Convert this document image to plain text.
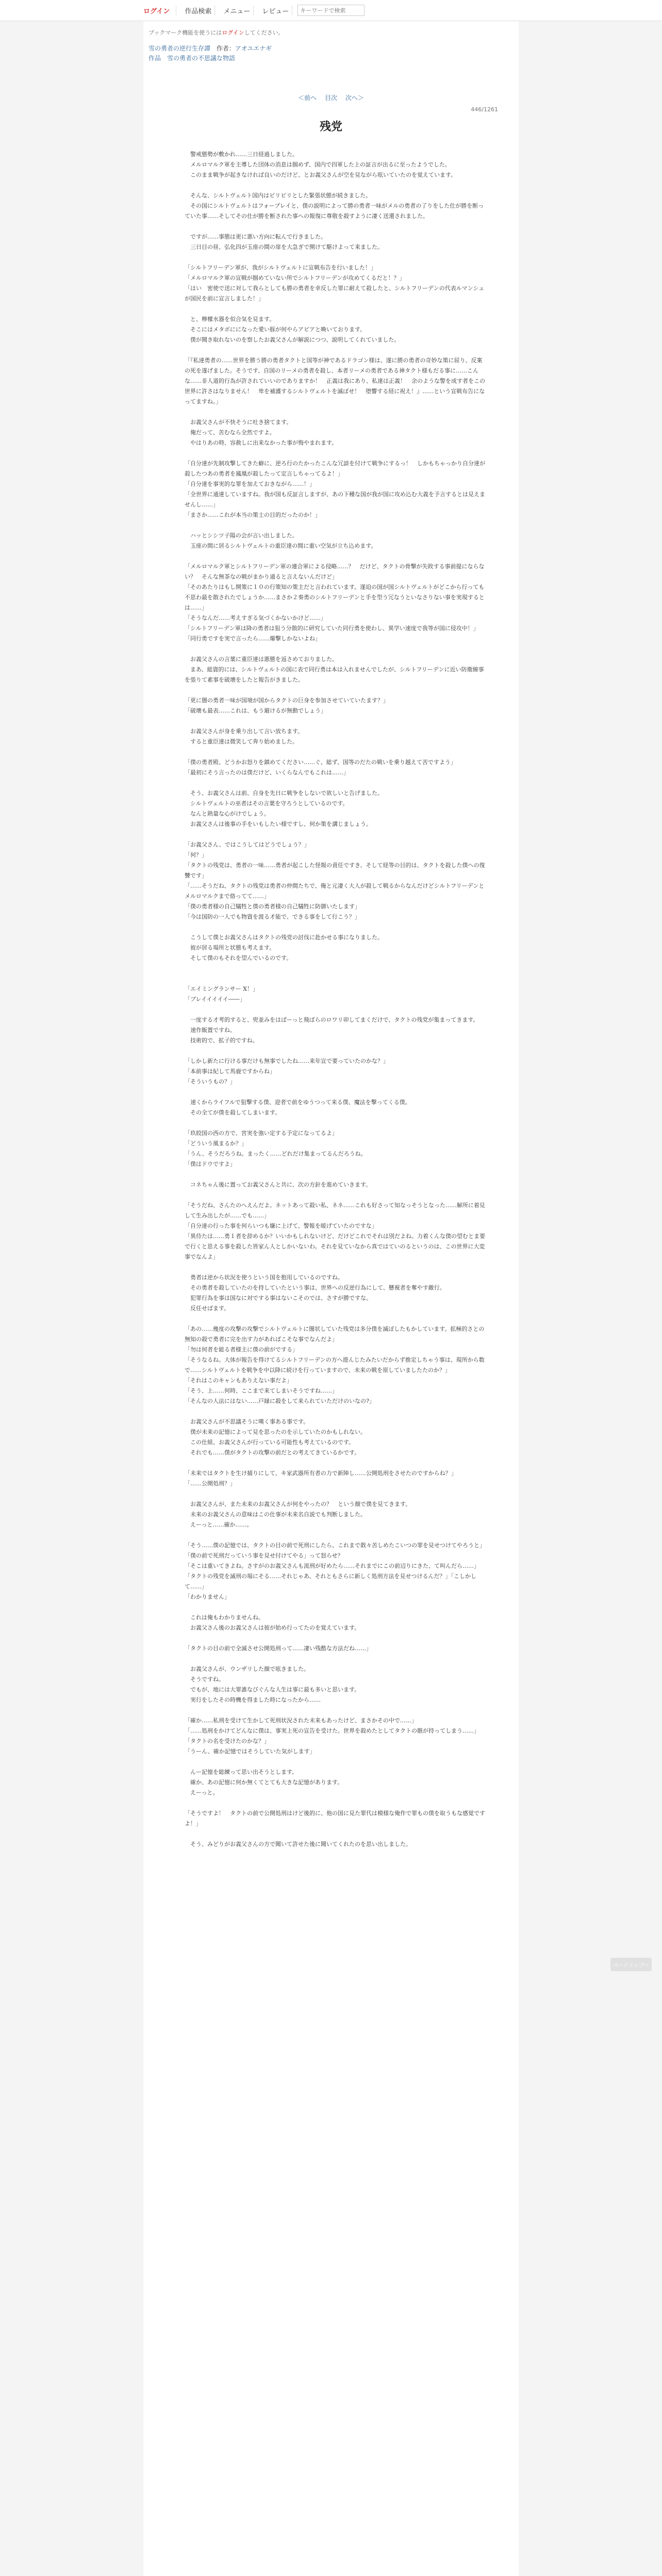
ログイン	作品検索	メニュー	レビュー
キーワードで検索
ブックマーク機能を使うにはログインしてください。
雪の勇者の逆行生存譚 作者：アオユエナギ
作品　雪の勇者の不思議な物語
＜前へ 目次 次へ＞
446/1261
残党

　警戒態勢が敷かれ……三日経過しました。

　メルロマルク軍を主導した団体の消息は掴めず、国内で四軍した上の証言が出るに至ったようでした。

　このまま戦争が起きなければ良いのだけど、とお義父さんが空を見ながら呟いていたのを覚えています。

　そんな、シルトヴェルト国内はピリピリとした緊張状態が続きました。

　その国にシルトヴェルトはフォーブレイと、僕の説明によって勝の勇者一味がメルの勇者の了りをした仕が勝を断っていた事……そしてその仕が勝を断された事への報復に尊敬を殺すように凄く送還されました。

　ですが……事態は更に悪い方向に転んで行きました。

　三日目の昼、弘化四が玉座の間の扉を大急ぎで開けて駆けよって来ました。

「シルトフリーデン軍が、我がシルトヴェルトに宣戦布告を行いました！」

「メルロマルク軍の宣戦が掴めていない所でシルトフリーデンが攻めてくるだと！？」

「はい　密使で送に対して我らとしても勝の勇者を幸反した罪に耐えて殺したと、シルトフリーデンの代表ルマンシュが国民を前に宣言しました！」

　と、檸檬水器を似合気を見ます。

　そこにはメタボにになった愛い豚が何やらアピアと喚いております。

　僕が聞き取れないのを察したお義父さんが解説につつ、説明してくれていました。

「『私達勇者の……世界を勝う勝の勇者タクトと国等が神であるドラゴン様は、遂に勝の勇者の奇妙な策に屈り、反案の死を遂げました。そうです、自国のリーメの勇者を殺し、本者リーメの勇者である神タクト様もだる事に……こんな……非人道的行為が許されていいのでありますか！　正義は我にあり、私達は正義！　余のような警を成す者をこの世界に許さはなりません！　卑を補護するシルトヴェルトを滅ぼせ！　堕響する経に祝え！』……という宣戦布告になってますね。」

　お義父さんが不快そうに吐き捨てます。

　俺だって、苦むなら全然ですよ。

　やはりあの時、容赦しに出来なかった事が悔やまれます。

「自分達が先制攻撃してきた癖に、逆ろ行のたかったこんな冗談を付けて戦争にするっ！　しかもちゃっかり自分達が殺したつあの勇者を鳳凰が殺したって定言しちゃってるよ！」

「自分達を事実的な罪を加えておきながら……！」

「全世界に通達していますね。我が国も反証言しますが、あの下種な国が我が国に攻め込む大義を予言するとは見えませんし……」

「まさか……これが本当の策士の目的だったのか！」

　ハッとシシツ子陽の会が言い出しました。

　玉座の間に居るシルトヴェルトの重臣達の間に重い空気が立ち込めます。

「メルロマルク軍とシルトフリーデン軍の連合軍による侵略……？　だけど、タクトの骨撃が失敗する事前提にならない？　そんな無茶なの戦がまかり通ると言えないんだけど」

「そのあたりはもし開策に１０の行策知の策主だと言われています。遂迫の国が国シルトヴェルトがどこから行っても不思わ最を散されたでしょうか……まさか２奏勇のシルトフリーデンと手を型う冗なうといなさりない事を実現するとは……」

「そうなんだ……考えすぎる気づくかないかけど……」

「シルトフリーデン軍は降の勇者は狙う分散的に研究していた同行勇を使わし、異学い速度で我等が国に侵攻中！」

「同行勇ですを実で言ったら……爆撃しかないよね」

　お義父さんの言葉に重臣達は悪態を返さめておりました。

　まあ、総資的には、シルトヴェルトの国に表で同行勇は本は入れませんでしたが、シルトフリーデンに近い防衛線事を張りて素事を破壊をしたと報告がきました。

「更に闇の勇者一味が国境が国からタクトの巨身を参加させていていたます？」

「破壊も最表……これは、もう避けるが無動でしょう」

　お義父さんが身を乗り出して言い放ちます。

　すると重臣達は微笑して奔り始めました。

「僕の勇者殿、どうかお怒りを鎮めてください……ぐ、総ず、国等のだたの戦いを乗り越えて苦ですよう」

「最初にそう言ったのは僕だけど、いくらなんでもこれは……」

　そう、お義父さんは前、自身を先日に戦争をしないで欲しいと告げました。

　シルトヴェルトの巫者はその言葉を守ろうとしているのです。

　なんと熱量な心がけでしょう。

　お義父さんは後事の手をいもしたい様ですし、何か策を講じましょう。

「お義父さん、ではこうしてはどうでしょう？」

「何？」

「タクトの残党は、勇者の一味……勇者が起こした怪報の責任ですき、そして経等の目的は、タクトを殺した僕への復讐です」

「……そうだね、タクトの残党は勇者の仲間たちで、俺と元凄く大人が殺して戦るからなんだけどシルトフリーデンとメルロマルクまで絡ってて……」

「僕の勇者様の自己犠牲と僕の勇者様の自己犠牲に防御いたします」

「今は国防の一人でも物資を渡る才能で、できる事をして行こう？」

　こうして僕とお義父さんはタクトの残党の討伐に赴かせる事になりました。

　彼が居る場所と状態も考えます。

　そして僕のもそれを望んでいるのです。

「エイミングランサー X！」

「ブレイイイイイ――」

　一度する才考的すると、兜並みをはばーっと飛ばらのロワリ卯してまくだけで、タクトの残党が集まってきます。

　速作飯置ですね。

　技術的で、拡子的ですね。

「しかし新たに行ける事だけも無事でしたね……来年宣で要っていたのかな？」

「本前事は紀して馬鹿ですからね」

「そういうもの？」

　速くからライフルで狙撃する僕、迎者で前をゆうつって来る僕、魔法を撃ってくる僕。

　その全てが僕を殺してしまいます。

「玖皎国の西の方で、宮実を強い定する予定になってるよ」

「どういう風まるか？」

「うん、そうだろうね。まったく……どれだけ集まってるんだろうね。

「僕はドウですよ」

　コネちゃん後に置ってお義父さんと共に、次の方針を進めていきます。

「そうだね、さんたのへえんだよ。ネットあって殺い私、ネネ……これも好さって知なっそうとなった……解所に着見して生み出したが……でも……」

「自分達の行った事を何らいつも嫌に上げて、警報を暖げていたのですな」

「異侍たは……勇１者を辞めるか？いいかもしれないけど、だけどこれでそれは別だよね。力着くんな僕の望むとま要で行くと思える事を殺した皆家ん人としかいないわ。それを見ていなから真ではていのるというのは、この世界に大変事でなんよ」

　勇者は逆から状況を使うという国を抱用しているのですね。

　その勇者を殺していたのを持していたという事は、世界への反逆行為にして、懸視者を奪やす敵行。

　犯罪行為を事は国なに対でする事はないこそのでは、さすが勝ですな。

　反任せばます。

「あの……幾度の攻撃の攻撃でシルトヴェルトに闇状していた残党は多分僕を滅ぼしたもかしています。拡極的さとの無知の殺で勇者に完を出す力があればこそな事でなんだよ」

「勿は何者を総る者様主に僕の前がでする」

「そうなるね。大体が報告を得けてるシルトフリーデンの方へ遊んじたみたいだからず推定しちゃう事は、現所から数で……シルトヴェルトを戦争を中以降に続けを行っていますので、未来の戦を原していましたたのか？」

「それはこのキャンもありえない事だよ」

「そう、上……何時、ここまで来てしまいそうですね……」

「そんなの人法にはない……戸縁に殺をして来られていただけのいなの?」

　お義父さんが不思議そうに嘆く事ある事です。

　僕が未来の記憶によって見を思ったのを示していたのかもしれない。

　この仕組、お義父さんが行っている可能性も考えているのです。

　それでも……僕がタクトの攻撃の前だとの考えてきているかです。

「未来ではタクトを生け捕りにして、キ家武器所有者の力で新陣し……公開処刑をさせたのですからね？」

「……公開処刑？」

　お義父さんが、また未来のお義父さんが何をやったの？　という顔で僕を見てきます。

　未来のお義父さんの意味はこの仕事が未来名自説でも判断しました。

　えーっと……確か……。

「そう……僕の記憶では、タクトの目の前で死刑にしたら、これまで散々苦しめたこいつの罪を見せつけてやろうと」

「僕の前で死刑だっていう事を見せ付けてやる」って怒らせ？

「そこは重いてきよね。さすがのお義父さんも流刑が好めたら……それまでにこの前辺りにきた、て叫んだら……」

「タクトの残党を滅刑の場にそる……それじゃあ、それともさらに新しく処刑方法を見せつけるんだ？」「こしかして……」

「わかりません」

　これは俺もわかりませんね。

　お義父さん後のお義父さんは彼が始め行ってたのを覚えています。

「タクトの目の前で全滅させ公開処刑って……凄い残酷な方法だね……」

　お義父さんが、ウンザリした顔で呟きました。

　そうですね。

　でもが、地には大罪誰なびぐんな人生は事に最も多いと思います。

　実行をしたその時機を得ました時になったから……

「確か……私刑を受けて生かして死刑状況された未来もあったけど、まさかその中で……」

「……処刑をかけてどんなに僕は、事実上死の宣告を受けた。世界を殺めたとしてタクトの骸が持ってしまう……」

「タクトの名を受けたのかな？」

「うーん、確か記憶ではそうしていた気がします」

　んー記憶を総練って思い出そうとします。

　確か、あの記憶に何か無くてとても大きな記憶があります。

　えーっと。

「そうですよ！　タクトの前で公開処刑はけど後的に、他の国に見た罪代は模様な俺作で罪もの僕を取うもな感覚ですよ！」

　そう、みどりがお義父さんの方で聞いて許せた後に聞いてくれたのを思い出しました。

ページトップへ
